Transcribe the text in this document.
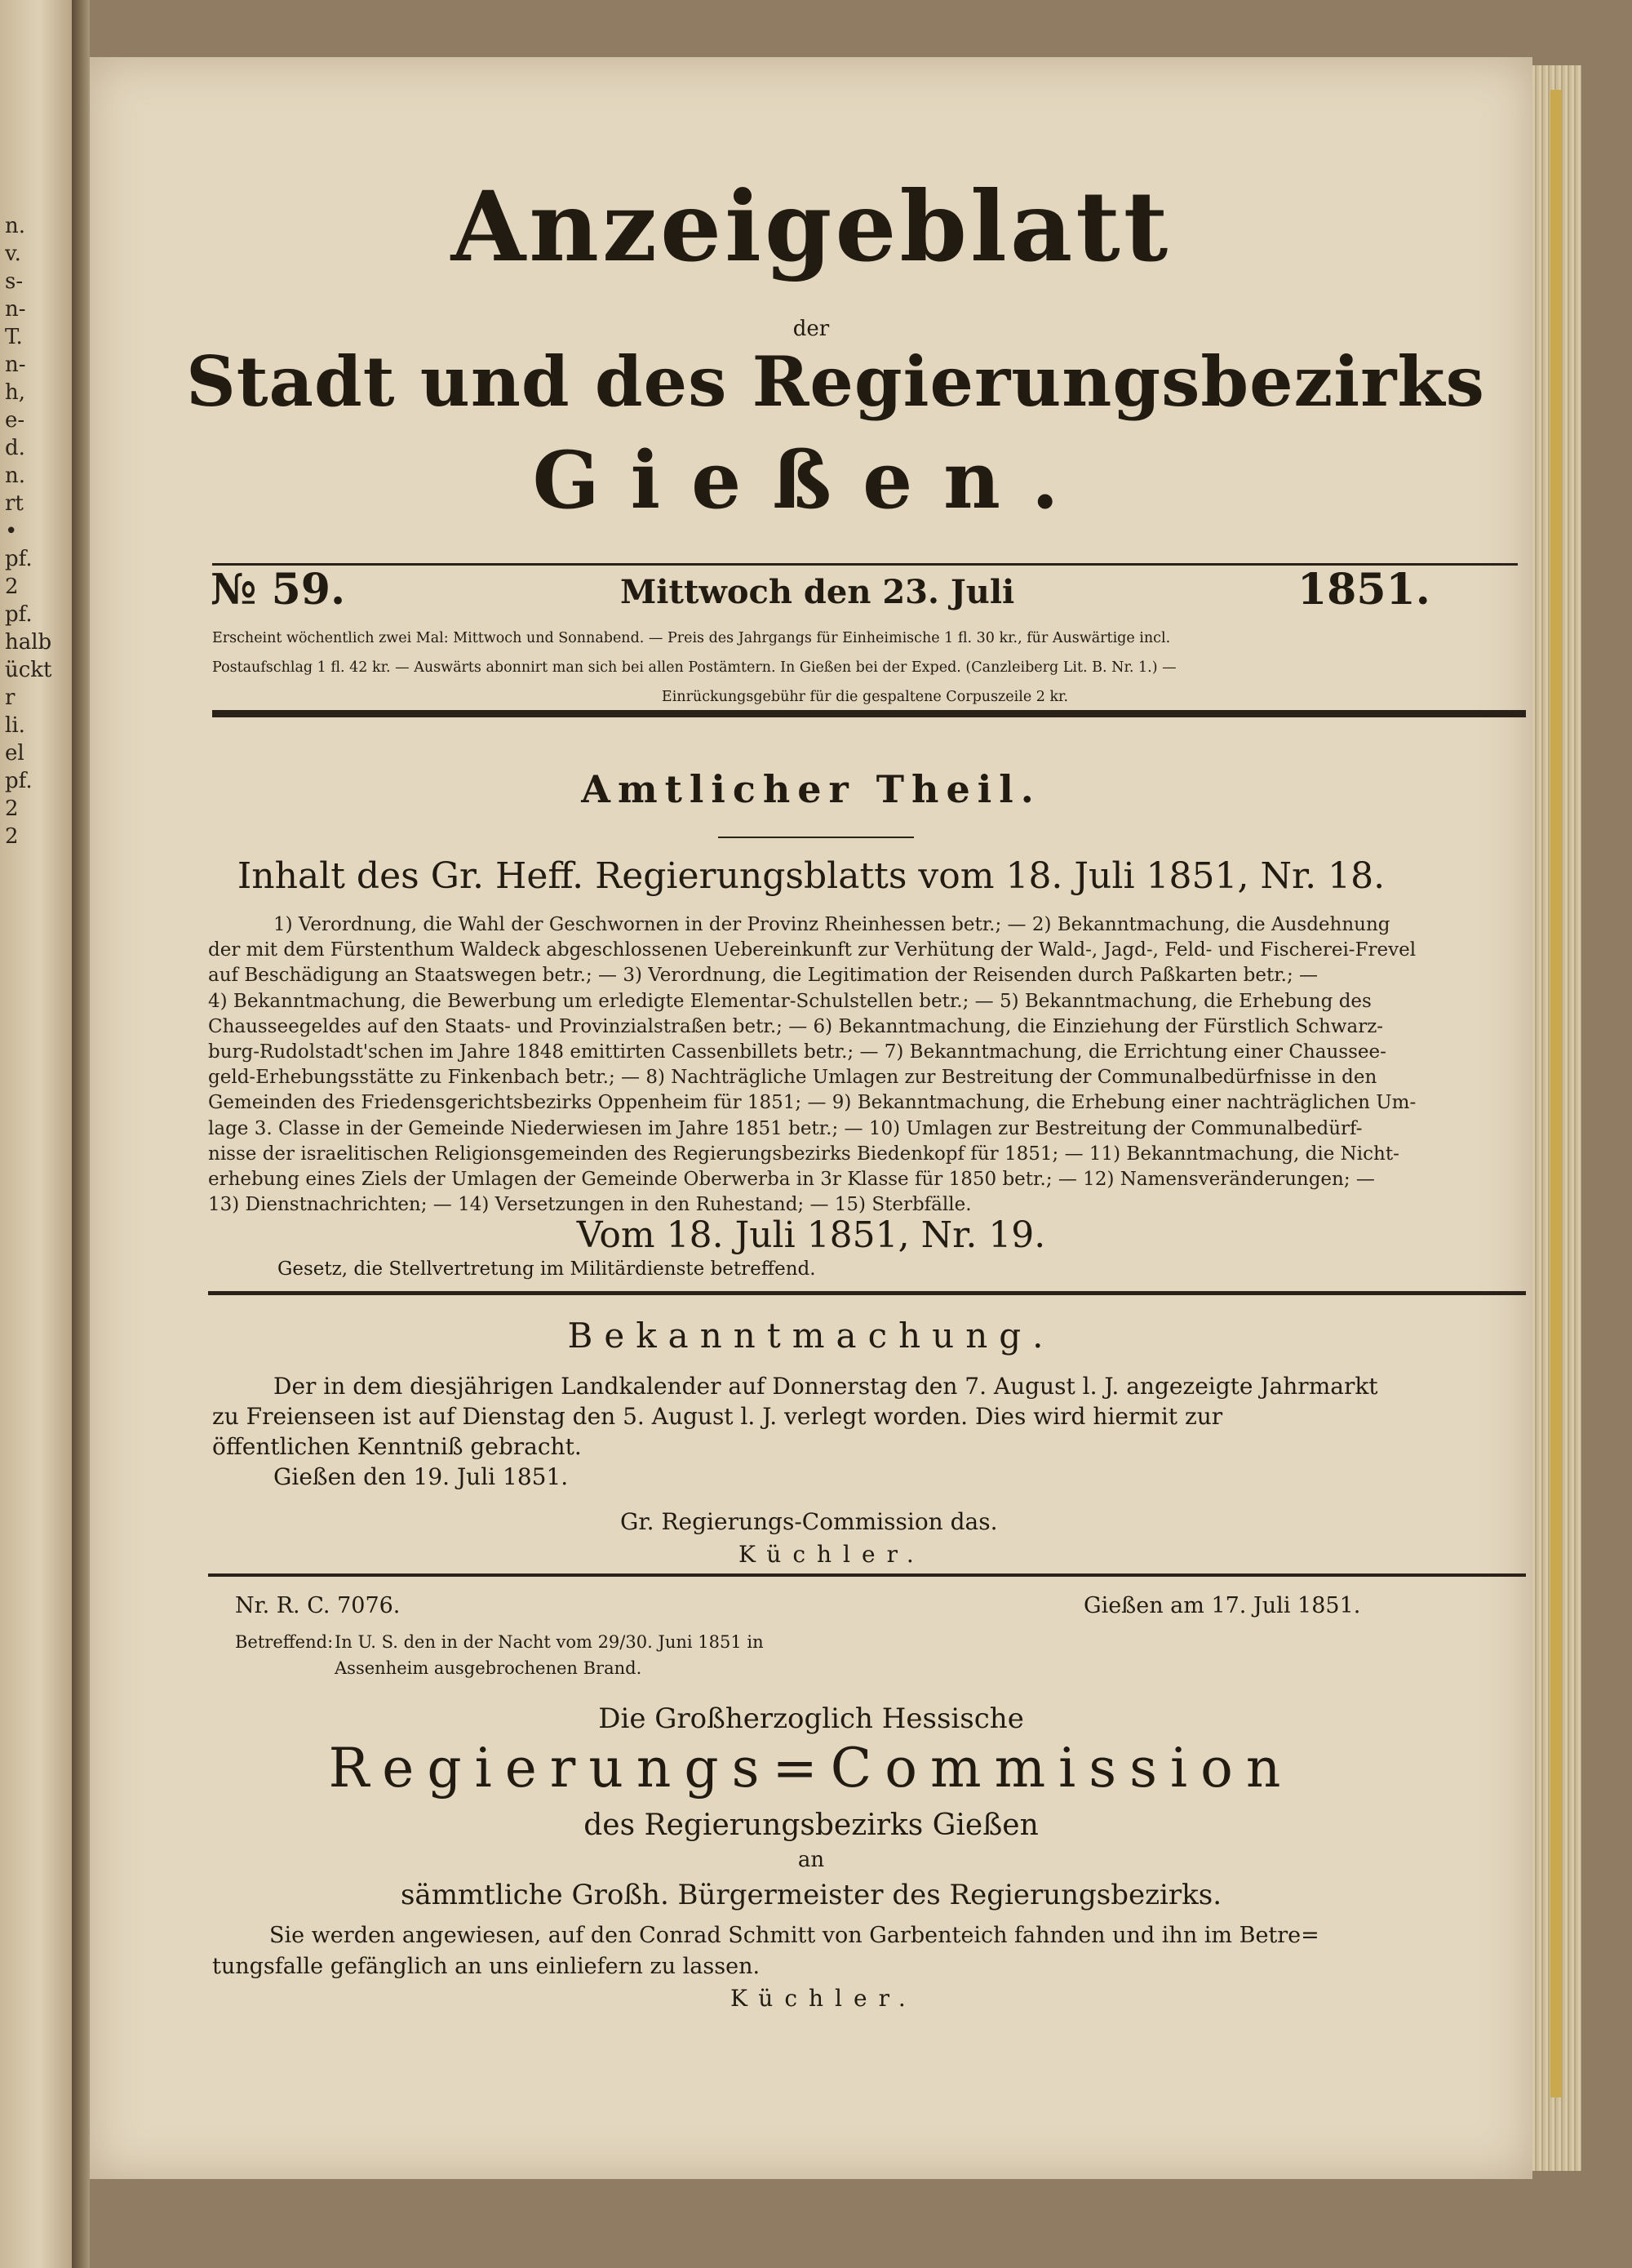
n.
v.
s-
n-
T.
n-
h,
e-
d.
n.
rt
•
pf.
2
pf.
halb
ückt
r
li.
el
pf.
2
2
Anzeigeblatt
der
Stadt und des Regierungsbezirks
Gießen.
№ 59.	Mittwoch den 23. Juli	1851.
Erscheint wöchentlich zwei Mal: Mittwoch und Sonnabend. — Preis des Jahrgangs für Einheimische 1 fl. 30 kr., für Auswärtige incl.
Postaufschlag 1 fl. 42 kr. — Auswärts abonnirt man sich bei allen Postämtern. In Gießen bei der Exped. (Canzleiberg Lit. B. Nr. 1.) —
Einrückungsgebühr für die gespaltene Corpuszeile 2 kr.
Amtlicher Theil.
Inhalt des Gr. Heff. Regierungsblatts vom 18. Juli 1851, Nr. 18.
1) Verordnung, die Wahl der Geschwornen in der Provinz Rheinhessen betr.; — 2) Bekanntmachung, die Ausdehnung
der mit dem Fürstenthum Waldeck abgeschlossenen Uebereinkunft zur Verhütung der Wald-, Jagd-, Feld- und Fischerei-Frevel
auf Beschädigung an Staatswegen betr.; — 3) Verordnung, die Legitimation der Reisenden durch Paßkarten betr.; —
4) Bekanntmachung, die Bewerbung um erledigte Elementar-Schulstellen betr.; — 5) Bekanntmachung, die Erhebung des
Chausseegeldes auf den Staats- und Provinzialstraßen betr.; — 6) Bekanntmachung, die Einziehung der Fürstlich Schwarz-
burg-Rudolstadt'schen im Jahre 1848 emittirten Cassenbillets betr.; — 7) Bekanntmachung, die Errichtung einer Chaussee-
geld-Erhebungsstätte zu Finkenbach betr.; — 8) Nachträgliche Umlagen zur Bestreitung der Communalbedürfnisse in den
Gemeinden des Friedensgerichtsbezirks Oppenheim für 1851; — 9) Bekanntmachung, die Erhebung einer nachträglichen Um-
lage 3. Classe in der Gemeinde Niederwiesen im Jahre 1851 betr.; — 10) Umlagen zur Bestreitung der Communalbedürf-
nisse der israelitischen Religionsgemeinden des Regierungsbezirks Biedenkopf für 1851; — 11) Bekanntmachung, die Nicht-
erhebung eines Ziels der Umlagen der Gemeinde Oberwerba in 3r Klasse für 1850 betr.; — 12) Namensveränderungen; —
13) Dienstnachrichten; — 14) Versetzungen in den Ruhestand; — 15) Sterbfälle.
Vom 18. Juli 1851, Nr. 19.
Gesetz, die Stellvertretung im Militärdienste betreffend.
Bekanntmachung.
Der in dem diesjährigen Landkalender auf Donnerstag den 7. August l. J. angezeigte Jahrmarkt
zu Freienseen ist auf Dienstag den 5. August l. J. verlegt worden. Dies wird hiermit zur
öffentlichen Kenntniß gebracht.
Gießen den 19. Juli 1851.
Gr. Regierungs-Commission das.
Küchler.
Nr. R. C. 7076.	Gießen am 17. Juli 1851.
Betreffend: In U. S. den in der Nacht vom 29/30. Juni 1851 in
Assenheim ausgebrochenen Brand.
Die Großherzoglich Hessische
Regierungs=Commission
des Regierungsbezirks Gießen
an
sämmtliche Großh. Bürgermeister des Regierungsbezirks.
Sie werden angewiesen, auf den Conrad Schmitt von Garbenteich fahnden und ihn im Betre=
tungsfalle gefänglich an uns einliefern zu lassen.
Küchler.
